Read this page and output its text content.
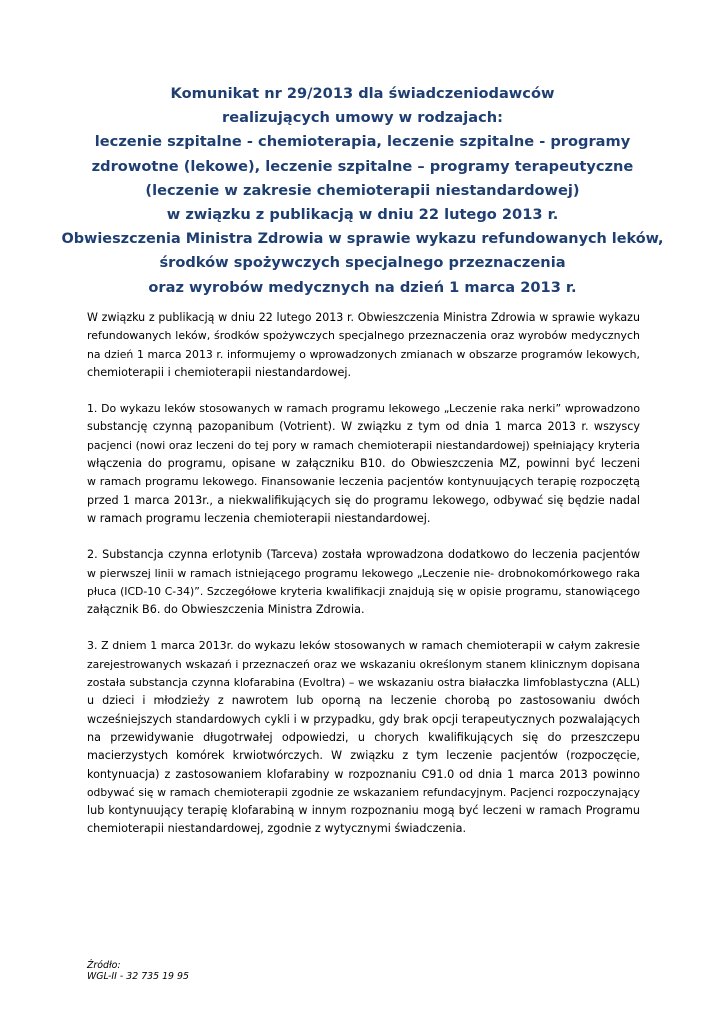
Komunikat nr 29/2013 dla świadczeniodawców
realizujących umowy w rodzajach:
leczenie szpitalne - chemioterapia, leczenie szpitalne - programy
zdrowotne (lekowe), leczenie szpitalne – programy terapeutyczne
(leczenie w zakresie chemioterapii niestandardowej)
w związku z publikacją w dniu 22 lutego 2013 r.
Obwieszczenia Ministra Zdrowia w sprawie wykazu refundowanych leków,
środków spożywczych specjalnego przeznaczenia
oraz wyrobów medycznych na dzień 1 marca 2013 r.
W związku z publikacją w dniu 22 lutego 2013 r. Obwieszczenia Ministra Zdrowia w sprawie wykazu
refundowanych leków, środków spożywczych specjalnego przeznaczenia oraz wyrobów medycznych
na dzień 1 marca 2013 r. informujemy o wprowadzonych zmianach w obszarze programów lekowych,
chemioterapii i chemioterapii niestandardowej.
1. Do wykazu leków stosowanych w ramach programu lekowego „Leczenie raka nerki” wprowadzono
substancję czynną pazopanibum (Votrient). W związku z tym od dnia 1 marca 2013 r. wszyscy
pacjenci (nowi oraz leczeni do tej pory w ramach chemioterapii niestandardowej) spełniający kryteria
włączenia do programu, opisane w załączniku B10. do Obwieszczenia MZ, powinni być leczeni
w ramach programu lekowego. Finansowanie leczenia pacjentów kontynuujących terapię rozpoczętą
przed 1 marca 2013r., a niekwalifikujących się do programu lekowego, odbywać się będzie nadal
w ramach programu leczenia chemioterapii niestandardowej.
2. Substancja czynna erlotynib (Tarceva) została wprowadzona dodatkowo do leczenia pacjentów
w pierwszej linii w ramach istniejącego programu lekowego „Leczenie nie- drobnokomórkowego raka
płuca (ICD-10 C-34)”. Szczegółowe kryteria kwalifikacji znajdują się w opisie programu, stanowiącego
załącznik B6. do Obwieszczenia Ministra Zdrowia.
3. Z dniem 1 marca 2013r. do wykazu leków stosowanych w ramach chemioterapii w całym zakresie
zarejestrowanych wskazań i przeznaczeń oraz we wskazaniu określonym stanem klinicznym dopisana
została substancja czynna klofarabina (Evoltra) – we wskazaniu ostra białaczka limfoblastyczna (ALL)
u dzieci i młodzieży z nawrotem lub oporną na leczenie chorobą po zastosowaniu dwóch
wcześniejszych standardowych cykli i w przypadku, gdy brak opcji terapeutycznych pozwalających
na przewidywanie długotrwałej odpowiedzi, u chorych kwalifikujących się do przeszczepu
macierzystych komórek krwiotwórczych. W związku z tym leczenie pacjentów (rozpoczęcie,
kontynuacja) z zastosowaniem klofarabiny w rozpoznaniu C91.0 od dnia 1 marca 2013 powinno
odbywać się w ramach chemioterapii zgodnie ze wskazaniem refundacyjnym. Pacjenci rozpoczynający
lub kontynuujący terapię klofarabiną w innym rozpoznaniu mogą być leczeni w ramach Programu
chemioterapii niestandardowej, zgodnie z wytycznymi świadczenia.
Źródło:
WGL-II - 32 735 19 95
